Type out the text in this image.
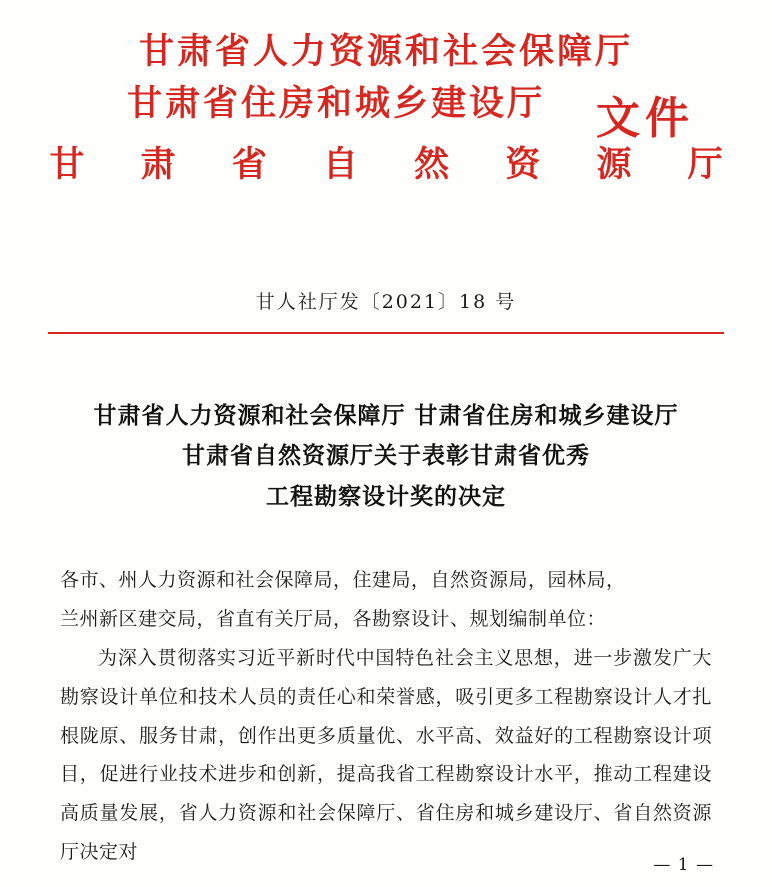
甘肃省人力资源和社会保障厅
甘肃省住房和城乡建设厅	文件
甘 肃 省 自 然 资 源 厅
甘人社厅发〔2021〕18 号
甘肃省人力资源和社会保障厅 甘肃省住房和城乡建设厅
甘肃省自然资源厅关于表彰甘肃省优秀
工程勘察设计奖的决定

各市、州人力资源和社会保障局，住建局，自然资源局，园林局，

兰州新区建交局，省直有关厅局，各勘察设计、规划编制单位：

为深入贯彻落实习近平新时代中国特色社会主义思想，进一步激发广大勘察设计单位和技术人员的责任心和荣誉感，吸引更多工程勘察设计人才扎根陇原、服务甘肃，创作出更多质量优、水平高、效益好的工程勘察设计项目，促进行业技术进步和创新，提高我省工程勘察设计水平，推动工程建设高质量发展，省人力资源和社会保障厅、省住房和城乡建设厅、省自然资源厅决定对

— 1 —
